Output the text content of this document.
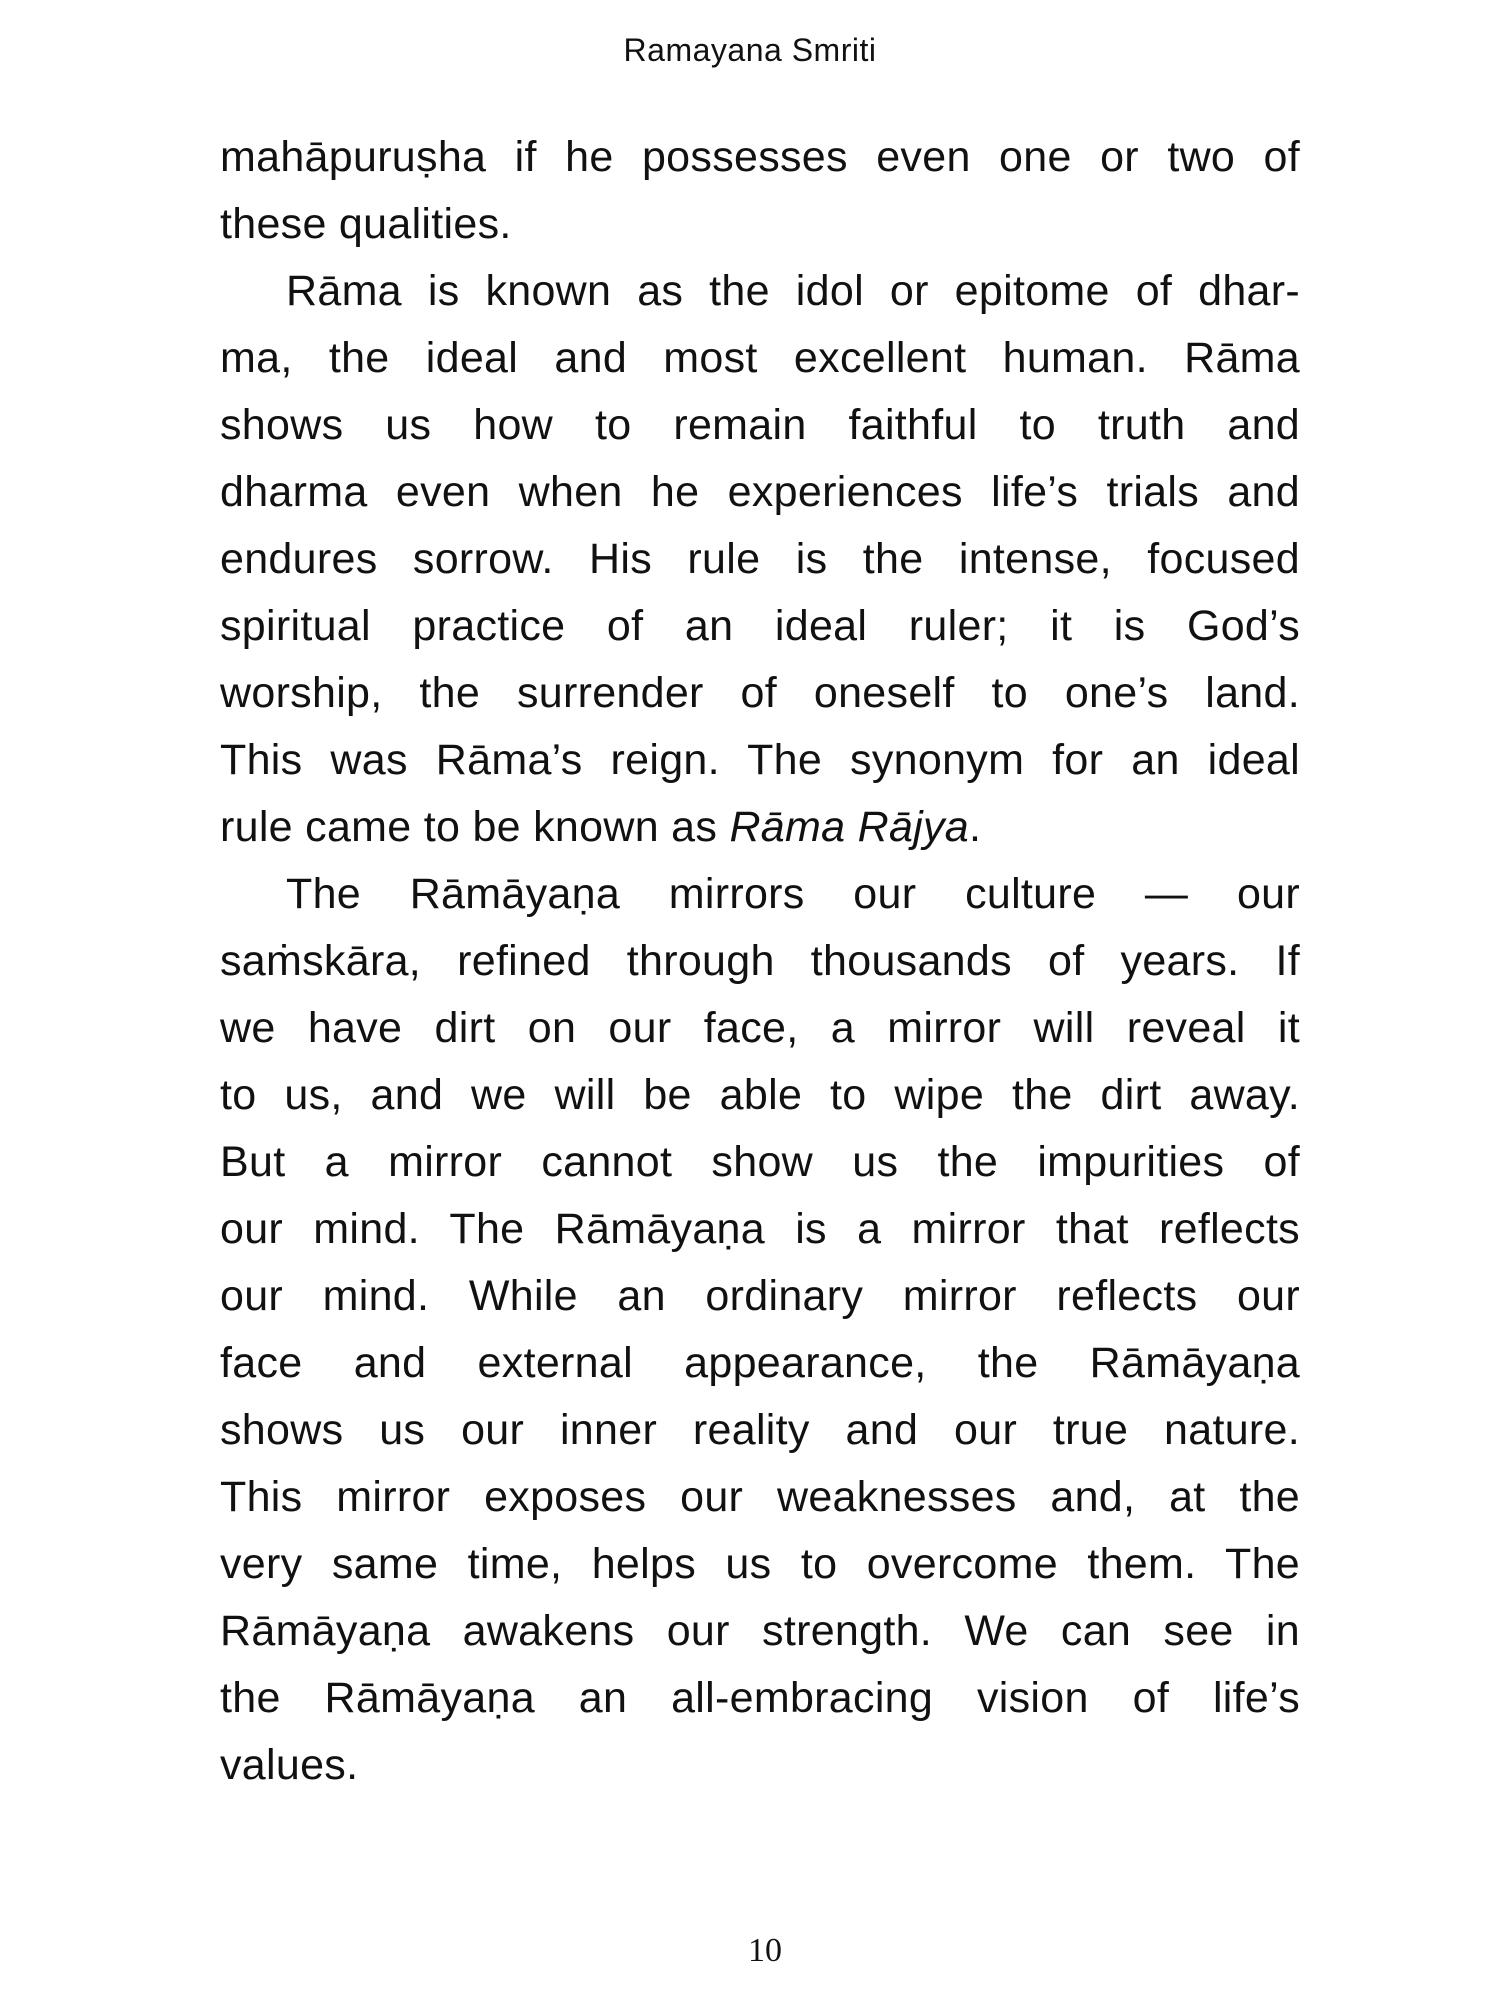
Ramayana Smriti
mahāpuruṣha if he possesses even one or two of
these qualities.
Rāma is known as the idol or epitome of dhar-
ma, the ideal and most excellent human. Rāma
shows us how to remain faithful to truth and
dharma even when he experiences life’s trials and
endures sorrow. His rule is the intense, focused
spiritual practice of an ideal ruler; it is God’s
worship, the surrender of oneself to one’s land.
This was Rāma’s reign. The synonym for an ideal
rule came to be known as Rāma Rājya.
The Rāmāyaṇa mirrors our culture — our
saṁskāra, refined through thousands of years. If
we have dirt on our face, a mirror will reveal it
to us, and we will be able to wipe the dirt away.
But a mirror cannot show us the impurities of
our mind. The Rāmāyaṇa is a mirror that reflects
our mind. While an ordinary mirror reflects our
face and external appearance, the Rāmāyaṇa
shows us our inner reality and our true nature.
This mirror exposes our weaknesses and, at the
very same time, helps us to overcome them. The
Rāmāyaṇa awakens our strength. We can see in
the Rāmāyaṇa an all-embracing vision of life’s
values.
10
